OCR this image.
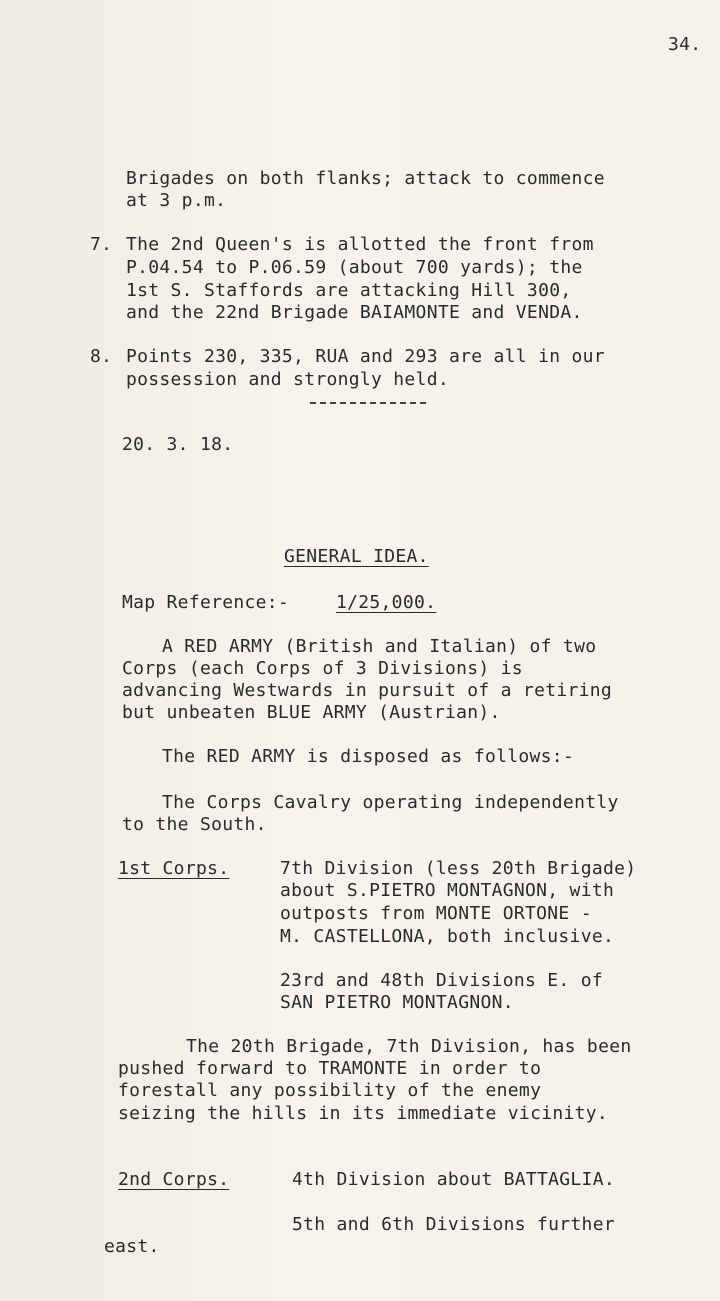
34.
Brigades on both flanks; attack to commence
at 3 p.m.
7. The 2nd Queen's is allotted the front from
P.04.54 to P.06.59 (about 700 yards); the
1st S. Staffords are attacking Hill 300,
and the 22nd Brigade BAIAMONTE and VENDA.
8. Points 230, 335, RUA and 293 are all in our
possession and strongly held.
20. 3. 18.
GENERAL IDEA.
Map Reference:-	1/25,000.
A RED ARMY (British and Italian) of two
Corps (each Corps of 3 Divisions) is
advancing Westwards in pursuit of a retiring
but unbeaten BLUE ARMY (Austrian).
The RED ARMY is disposed as follows:-
The Corps Cavalry operating independently
to the South.
1st Corps.	7th Division (less 20th Brigade)
about S.PIETRO MONTAGNON, with
outposts from MONTE ORTONE -
M. CASTELLONA, both inclusive.
23rd and 48th Divisions E. of
SAN PIETRO MONTAGNON.
The 20th Brigade, 7th Division, has been
pushed forward to TRAMONTE in order to
forestall any possibility of the enemy
seizing the hills in its immediate vicinity.
2nd Corps.	4th Division about BATTAGLIA.
5th and 6th Divisions further
east.
